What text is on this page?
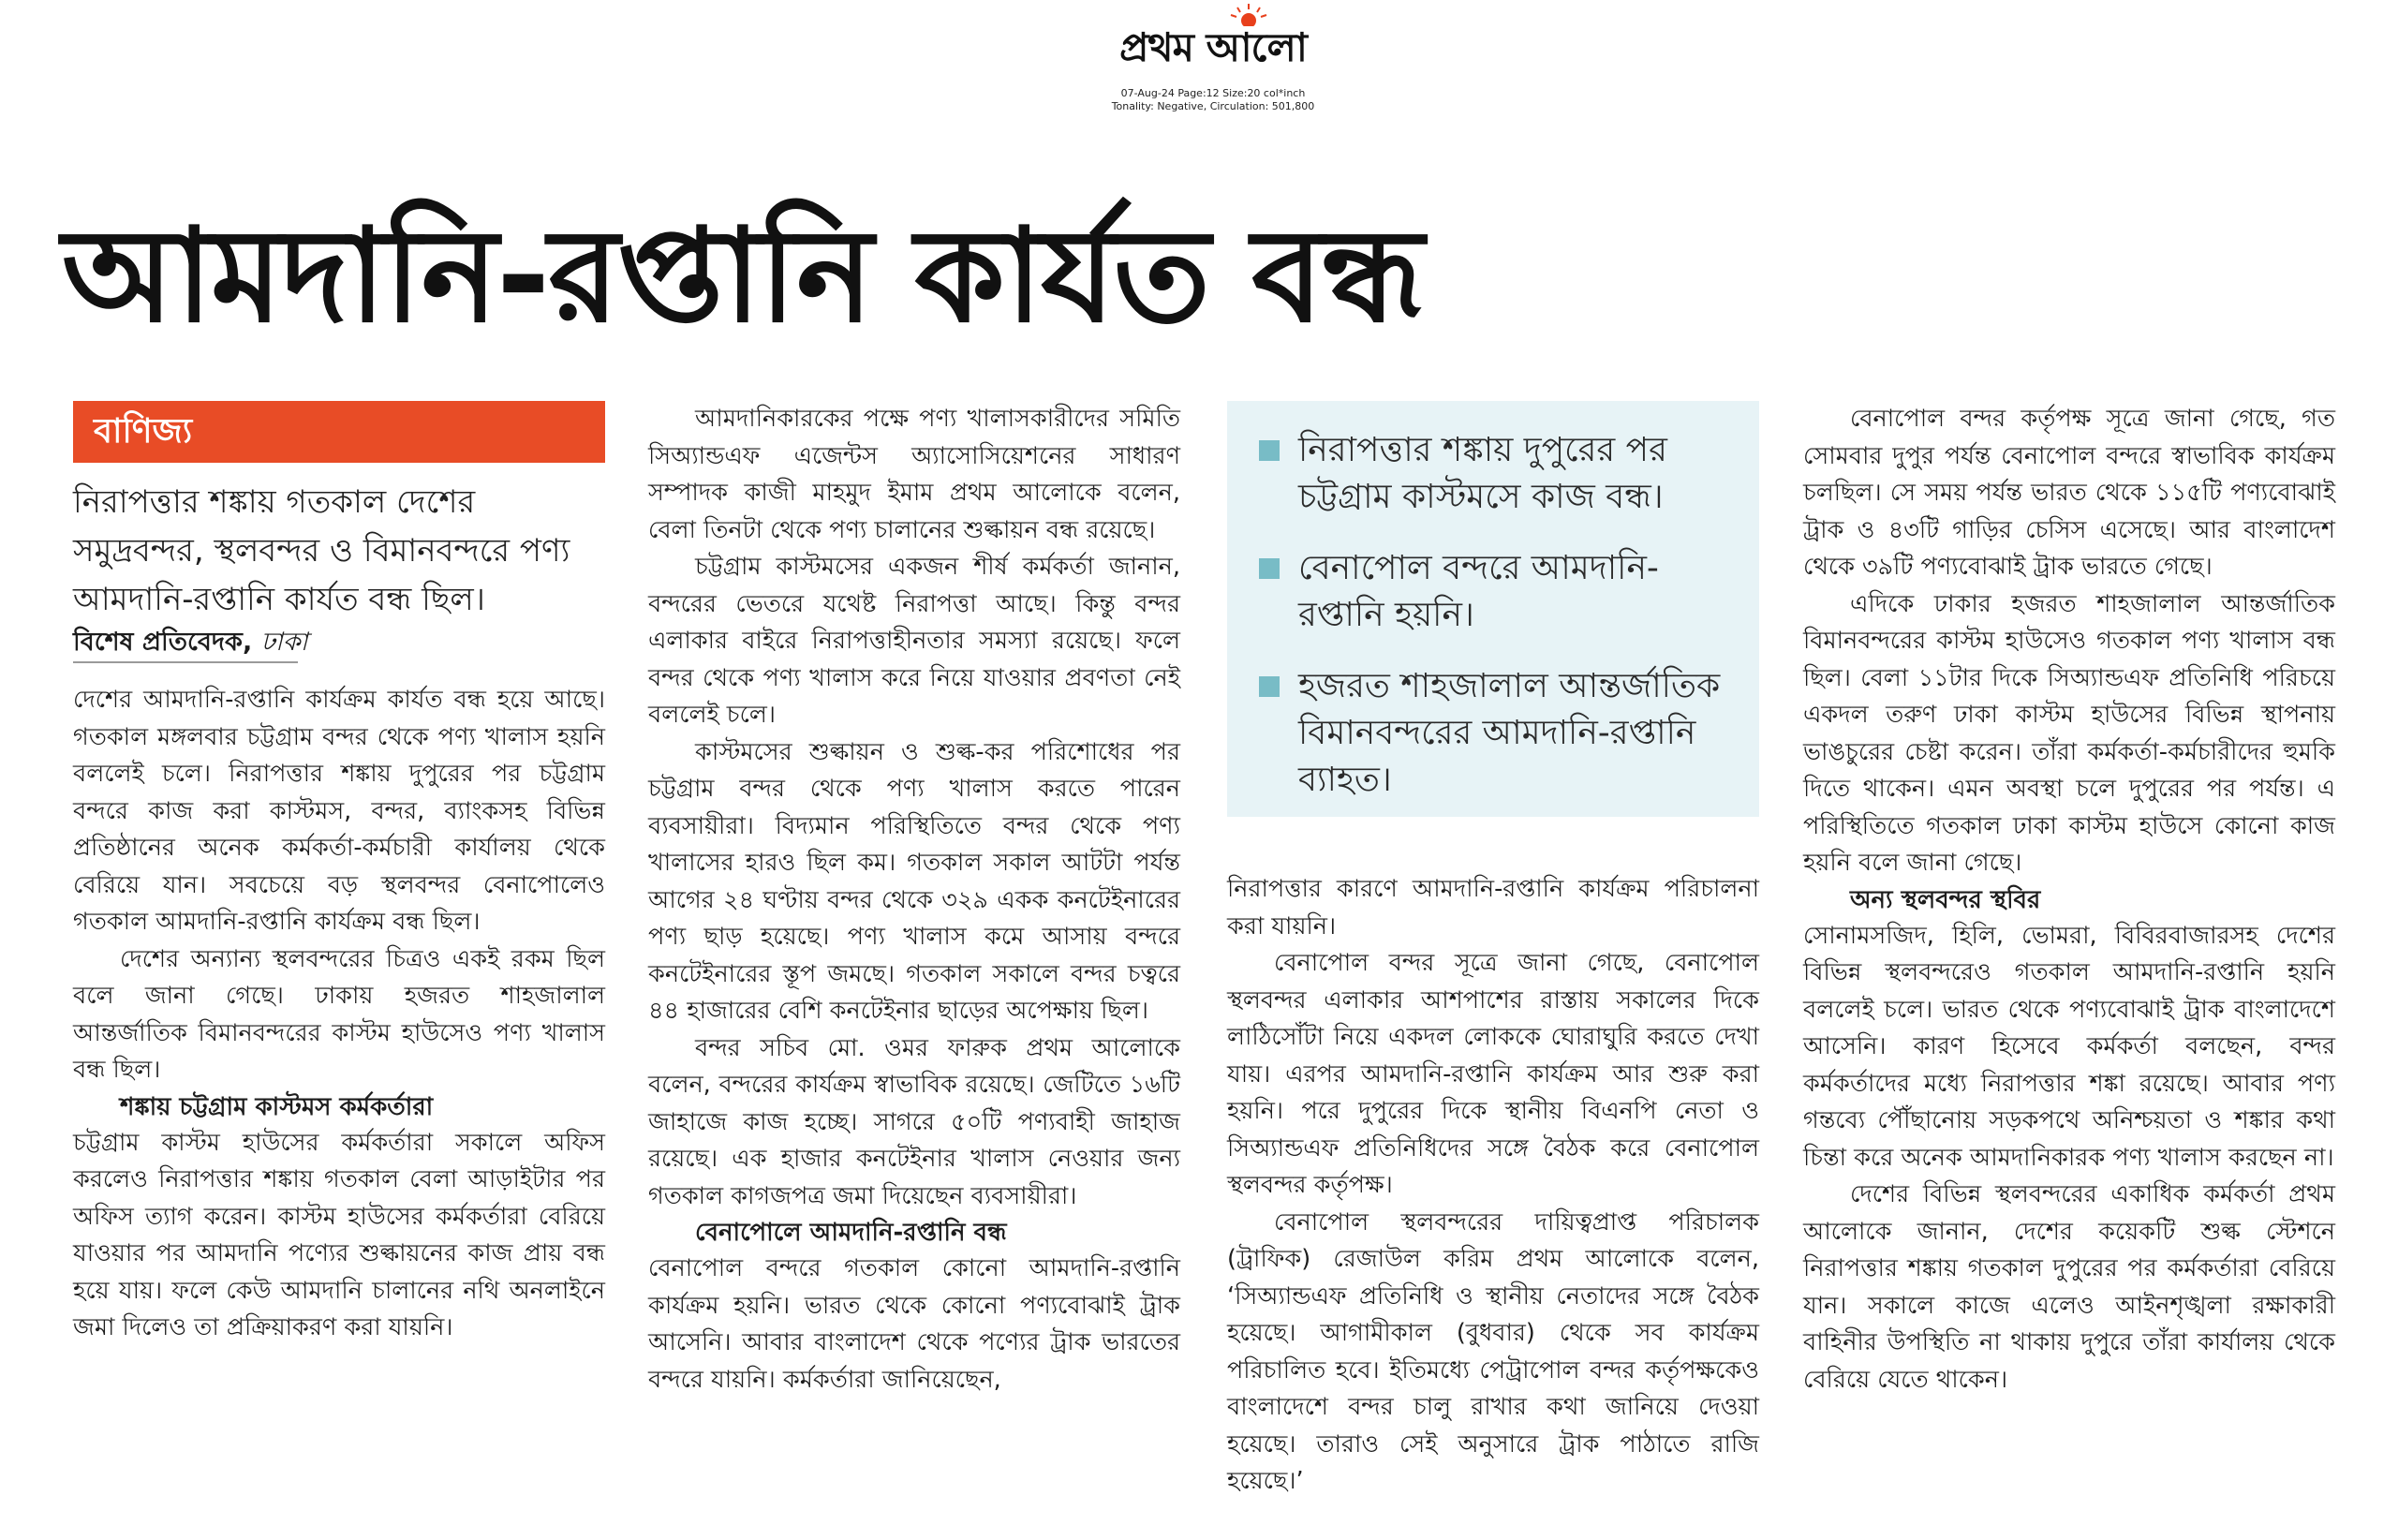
প্রথম আলো
07-Aug-24 Page:12 Size:20 col*inch
Tonality: Negative, Circulation: 501,800
আমদানি-রপ্তানি কার্যত বন্ধ
বাণিজ্য

নিরাপত্তার শঙ্কায় গতকাল দেশের সমুদ্রবন্দর, স্থলবন্দর ও বিমানবন্দরে পণ্য আমদানি-রপ্তানি কার্যত বন্ধ ছিল।

বিশেষ প্রতিবেদক, ঢাকা

দেশের আমদানি-রপ্তানি কার্যক্রম কার্যত বন্ধ হয়ে আছে। গতকাল মঙ্গলবার চট্টগ্রাম বন্দর থেকে পণ্য খালাস হয়নি বললেই চলে। নিরাপত্তার শঙ্কায় দুপুরের পর চট্টগ্রাম বন্দরে কাজ করা কাস্টমস, বন্দর, ব্যাংকসহ বিভিন্ন প্রতিষ্ঠানের অনেক কর্মকর্তা-কর্মচারী কার্যালয় থেকে বেরিয়ে যান। সবচেয়ে বড় স্থলবন্দর বেনাপোলেও গতকাল আমদানি-রপ্তানি কার্যক্রম বন্ধ ছিল।

দেশের অন্যান্য স্থলবন্দরের চিত্রও একই রকম ছিল বলে জানা গেছে। ঢাকায় হজরত শাহজালাল আন্তর্জাতিক বিমানবন্দরের কাস্টম হাউসেও পণ্য খালাস বন্ধ ছিল।

শঙ্কায় চট্টগ্রাম কাস্টমস কর্মকর্তারা

চট্টগ্রাম কাস্টম হাউসের কর্মকর্তারা সকালে অফিস করলেও নিরাপত্তার শঙ্কায় গতকাল বেলা আড়াইটার পর অফিস ত্যাগ করেন। কাস্টম হাউসের কর্মকর্তারা বেরিয়ে যাওয়ার পর আমদানি পণ্যের শুল্কায়নের কাজ প্রায় বন্ধ হয়ে যায়। ফলে কেউ আমদানি চালানের নথি অনলাইনে জমা দিলেও তা প্রক্রিয়াকরণ করা যায়নি।

আমদানিকারকের পক্ষে পণ্য খালাসকারীদের সমিতি সিঅ্যান্ডএফ এজেন্টস অ্যাসোসিয়েশনের সাধারণ সম্পাদক কাজী মাহমুদ ইমাম প্রথম আলোকে বলেন, বেলা তিনটা থেকে পণ্য চালানের শুল্কায়ন বন্ধ রয়েছে।

চট্টগ্রাম কাস্টমসের একজন শীর্ষ কর্মকর্তা জানান, বন্দরের ভেতরে যথেষ্ট নিরাপত্তা আছে। কিন্তু বন্দর এলাকার বাইরে নিরাপত্তাহীনতার সমস্যা রয়েছে। ফলে বন্দর থেকে পণ্য খালাস করে নিয়ে যাওয়ার প্রবণতা নেই বললেই চলে।

কাস্টমসের শুল্কায়ন ও শুল্ক-কর পরিশোধের পর চট্টগ্রাম বন্দর থেকে পণ্য খালাস করতে পারেন ব্যবসায়ীরা। বিদ্যমান পরিস্থিতিতে বন্দর থেকে পণ্য খালাসের হারও ছিল কম। গতকাল সকাল আটটা পর্যন্ত আগের ২৪ ঘণ্টায় বন্দর থেকে ৩২৯ একক কনটেইনারের পণ্য ছাড় হয়েছে। পণ্য খালাস কমে আসায় বন্দরে কনটেইনারের স্তূপ জমছে। গতকাল সকালে বন্দর চত্বরে ৪৪ হাজারের বেশি কনটেইনার ছাড়ের অপেক্ষায় ছিল।

বন্দর সচিব মো. ওমর ফারুক প্রথম আলোকে বলেন, বন্দরের কার্যক্রম স্বাভাবিক রয়েছে। জেটিতে ১৬টি জাহাজে কাজ হচ্ছে। সাগরে ৫০টি পণ্যবাহী জাহাজ রয়েছে। এক হাজার কনটেইনার খালাস নেওয়ার জন্য গতকাল কাগজপত্র জমা দিয়েছেন ব্যবসায়ীরা।

বেনাপোলে আমদানি-রপ্তানি বন্ধ

বেনাপোল বন্দরে গতকাল কোনো আমদানি-রপ্তানি কার্যক্রম হয়নি। ভারত থেকে কোনো পণ্যবোঝাই ট্রাক আসেনি। আবার বাংলাদেশ থেকে পণ্যের ট্রাক ভারতের বন্দরে যায়নি। কর্মকর্তারা জানিয়েছেন,

নিরাপত্তার শঙ্কায় দুপুরের পর চট্টগ্রাম কাস্টমসে কাজ বন্ধ।
বেনাপোল বন্দরে আমদানি-রপ্তানি হয়নি।
হজরত শাহজালাল আন্তর্জাতিক বিমানবন্দরের আমদানি-রপ্তানি ব্যাহত।

নিরাপত্তার কারণে আমদানি-রপ্তানি কার্যক্রম পরিচালনা করা যায়নি।

বেনাপোল বন্দর সূত্রে জানা গেছে, বেনাপোল স্থলবন্দর এলাকার আশপাশের রাস্তায় সকালের দিকে লাঠিসোঁটা নিয়ে একদল লোককে ঘোরাঘুরি করতে দেখা যায়। এরপর আমদানি-রপ্তানি কার্যক্রম আর শুরু করা হয়নি। পরে দুপুরের দিকে স্থানীয় বিএনপি নেতা ও সিঅ্যান্ডএফ প্রতিনিধিদের সঙ্গে বৈঠক করে বেনাপোল স্থলবন্দর কর্তৃপক্ষ।

বেনাপোল স্থলবন্দরের দায়িত্বপ্রাপ্ত পরিচালক (ট্রাফিক) রেজাউল করিম প্রথম আলোকে বলেন, ‘সিঅ্যান্ডএফ প্রতিনিধি ও স্থানীয় নেতাদের সঙ্গে বৈঠক হয়েছে। আগামীকাল (বুধবার) থেকে সব কার্যক্রম পরিচালিত হবে। ইতিমধ্যে পেট্রাপোল বন্দর কর্তৃপক্ষকেও বাংলাদেশে বন্দর চালু রাখার কথা জানিয়ে দেওয়া হয়েছে। তারাও সেই অনুসারে ট্রাক পাঠাতে রাজি হয়েছে।’

বেনাপোল বন্দর কর্তৃপক্ষ সূত্রে জানা গেছে, গত সোমবার দুপুর পর্যন্ত বেনাপোল বন্দরে স্বাভাবিক কার্যক্রম চলছিল। সে সময় পর্যন্ত ভারত থেকে ১১৫টি পণ্যবোঝাই ট্রাক ও ৪৩টি গাড়ির চেসিস এসেছে। আর বাংলাদেশ থেকে ৩৯টি পণ্যবোঝাই ট্রাক ভারতে গেছে।

এদিকে ঢাকার হজরত শাহজালাল আন্তর্জাতিক বিমানবন্দরের কাস্টম হাউসেও গতকাল পণ্য খালাস বন্ধ ছিল। বেলা ১১টার দিকে সিঅ্যান্ডএফ প্রতিনিধি পরিচয়ে একদল তরুণ ঢাকা কাস্টম হাউসের বিভিন্ন স্থাপনায় ভাঙচুরের চেষ্টা করেন। তাঁরা কর্মকর্তা-কর্মচারীদের হুমকি দিতে থাকেন। এমন অবস্থা চলে দুপুরের পর পর্যন্ত। এ পরিস্থিতিতে গতকাল ঢাকা কাস্টম হাউসে কোনো কাজ হয়নি বলে জানা গেছে।

অন্য স্থলবন্দর স্থবির

সোনামসজিদ, হিলি, ভোমরা, বিবিরবাজারসহ দেশের বিভিন্ন স্থলবন্দরেও গতকাল আমদানি-রপ্তানি হয়নি বললেই চলে। ভারত থেকে পণ্যবোঝাই ট্রাক বাংলাদেশে আসেনি। কারণ হিসেবে কর্মকর্তা বলছেন, বন্দর কর্মকর্তাদের মধ্যে নিরাপত্তার শঙ্কা রয়েছে। আবার পণ্য গন্তব্যে পৌঁছানোয় সড়কপথে অনিশ্চয়তা ও শঙ্কার কথা চিন্তা করে অনেক আমদানিকারক পণ্য খালাস করছেন না।

দেশের বিভিন্ন স্থলবন্দরের একাধিক কর্মকর্তা প্রথম আলোকে জানান, দেশের কয়েকটি শুল্ক স্টেশনে নিরাপত্তার শঙ্কায় গতকাল দুপুরের পর কর্মকর্তারা বেরিয়ে যান। সকালে কাজে এলেও আইনশৃঙ্খলা রক্ষাকারী বাহিনীর উপস্থিতি না থাকায় দুপুরে তাঁরা কার্যালয় থেকে বেরিয়ে যেতে থাকেন।
